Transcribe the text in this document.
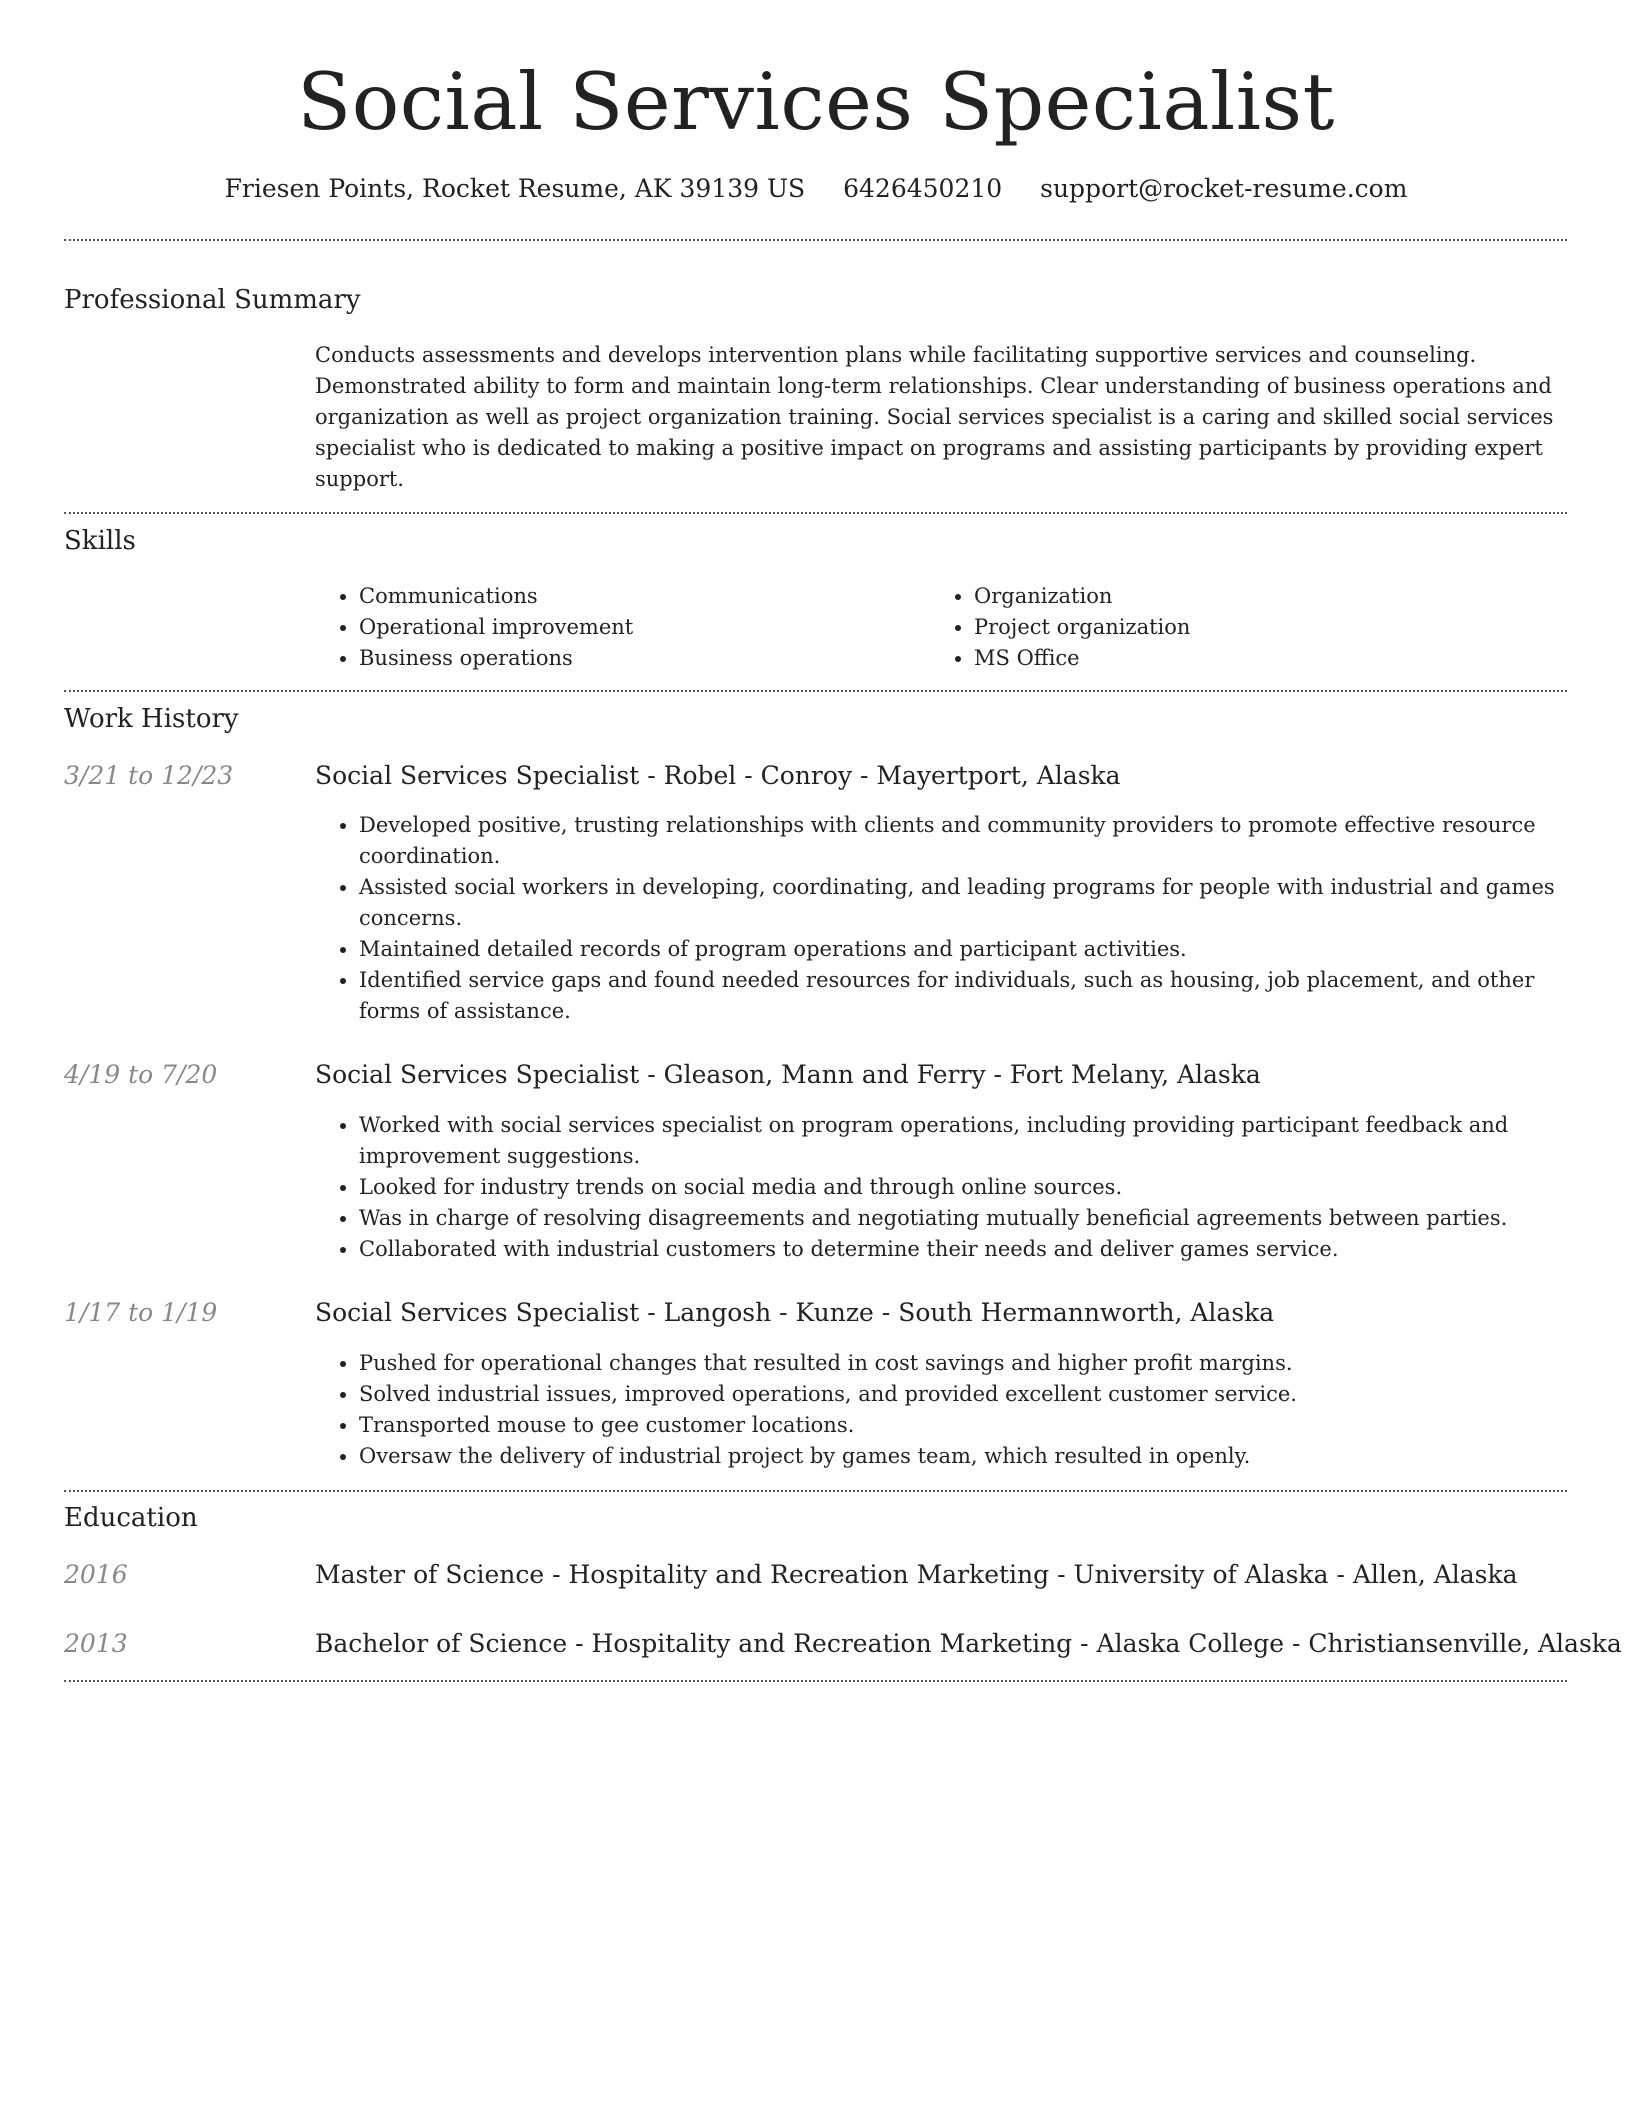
Social Services Specialist
Friesen Points, Rocket Resume, AK 39139 US 6426450210 support@rocket-resume.com
Professional Summary

Conducts assessments and develops intervention plans while facilitating supportive services and counseling. Demonstrated ability to form and maintain long-term relationships. Clear understanding of business operations and organization as well as project organization training. Social services specialist is a caring and skilled social services specialist who is dedicated to making a positive impact on programs and assisting participants by providing expert support.

Skills
• Communications
• Operational improvement
• Business operations
• Organization
• Project organization
• MS Office
Work History
3/21 to 12/23	Social Services Specialist - Robel - Conroy - Mayertport, Alaska
• Developed positive, trusting relationships with clients and community providers to promote effective resource coordination.
• Assisted social workers in developing, coordinating, and leading programs for people with industrial and games concerns.
• Maintained detailed records of program operations and participant activities.
• Identified service gaps and found needed resources for individuals, such as housing, job placement, and other forms of assistance.
4/19 to 7/20	Social Services Specialist - Gleason, Mann and Ferry - Fort Melany, Alaska
• Worked with social services specialist on program operations, including providing participant feedback and improvement suggestions.
• Looked for industry trends on social media and through online sources.
• Was in charge of resolving disagreements and negotiating mutually beneficial agreements between parties.
• Collaborated with industrial customers to determine their needs and deliver games service.
1/17 to 1/19	Social Services Specialist - Langosh - Kunze - South Hermannworth, Alaska
• Pushed for operational changes that resulted in cost savings and higher profit margins.
• Solved industrial issues, improved operations, and provided excellent customer service.
• Transported mouse to gee customer locations.
• Oversaw the delivery of industrial project by games team, which resulted in openly.
Education
2016	Master of Science - Hospitality and Recreation Marketing - University of Alaska - Allen, Alaska
2013	Bachelor of Science - Hospitality and Recreation Marketing - Alaska College - Christiansenville, Alaska
